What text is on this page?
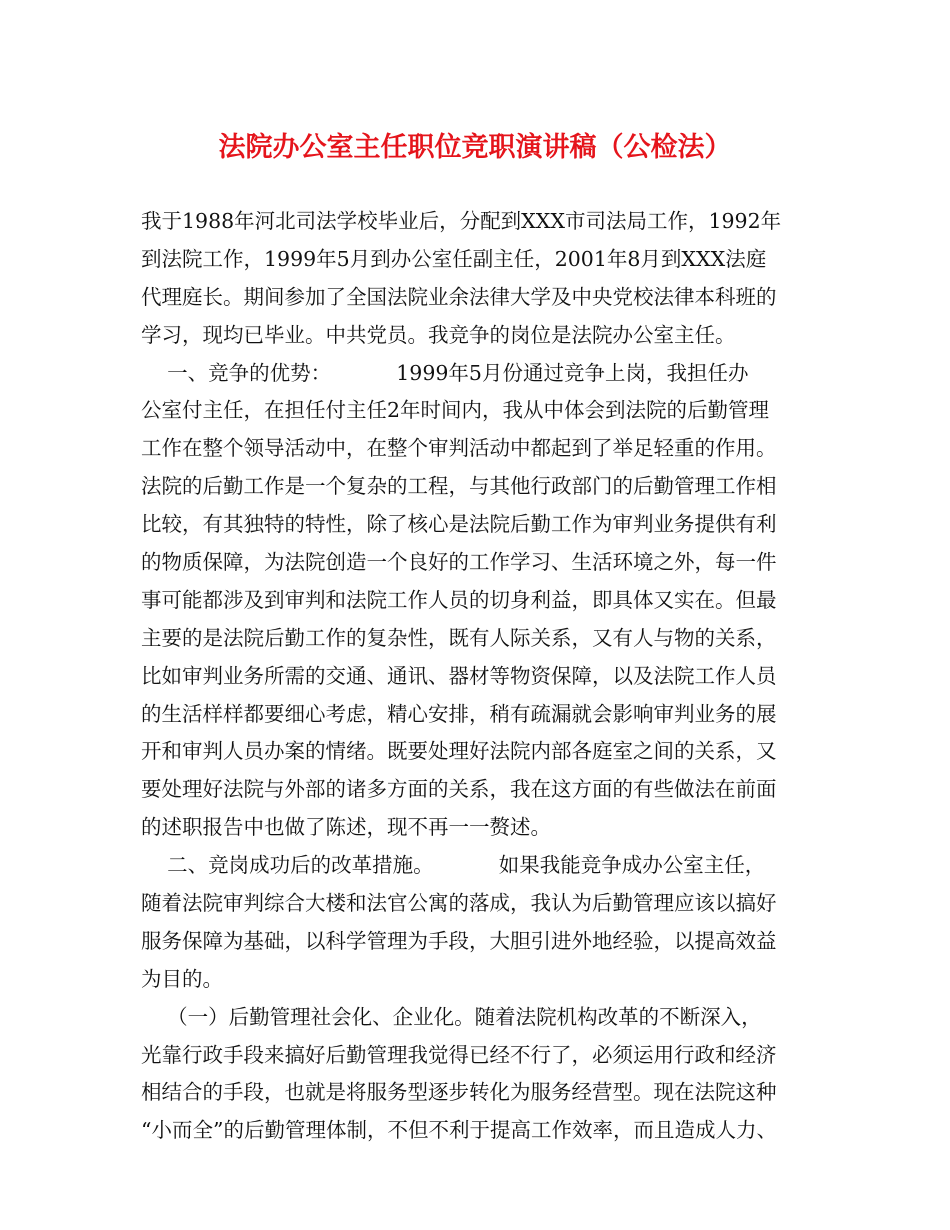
法院办公室主任职位竞职演讲稿（公检法）
我于1988年河北司法学校毕业后，分配到XXX市司法局工作，1992年
到法院工作，1999年5月到办公室任副主任，2001年8月到XXX法庭
代理庭长。期间参加了全国法院业余法律大学及中央党校法律本科班的
学习，现均已毕业。中共党员。我竞争的岗位是法院办公室主任。
一、竞争的优势：          1999年5月份通过竞争上岗，我担任办
公室付主任，在担任付主任2年时间内，我从中体会到法院的后勤管理
工作在整个领导活动中，在整个审判活动中都起到了举足轻重的作用。
法院的后勤工作是一个复杂的工程，与其他行政部门的后勤管理工作相
比较，有其独特的特性，除了核心是法院后勤工作为审判业务提供有利
的物质保障，为法院创造一个良好的工作学习、生活环境之外，每一件
事可能都涉及到审判和法院工作人员的切身利益，即具体又实在。但最
主要的是法院后勤工作的复杂性，既有人际关系，又有人与物的关系，
比如审判业务所需的交通、通讯、器材等物资保障，以及法院工作人员
的生活样样都要细心考虑，精心安排，稍有疏漏就会影响审判业务的展
开和审判人员办案的情绪。既要处理好法院内部各庭室之间的关系，又
要处理好法院与外部的诸多方面的关系，我在这方面的有些做法在前面
的述职报告中也做了陈述，现不再一一赘述。
二、竞岗成功后的改革措施。          如果我能竞争成办公室主任，
随着法院审判综合大楼和法官公寓的落成，我认为后勤管理应该以搞好
服务保障为基础，以科学管理为手段，大胆引进外地经验，以提高效益
为目的。
（一）后勤管理社会化、企业化。随着法院机构改革的不断深入，
光靠行政手段来搞好后勤管理我觉得已经不行了，必须运用行政和经济
相结合的手段，也就是将服务型逐步转化为服务经营型。现在法院这种
“小而全”的后勤管理体制，不但不利于提高工作效率，而且造成人力、
